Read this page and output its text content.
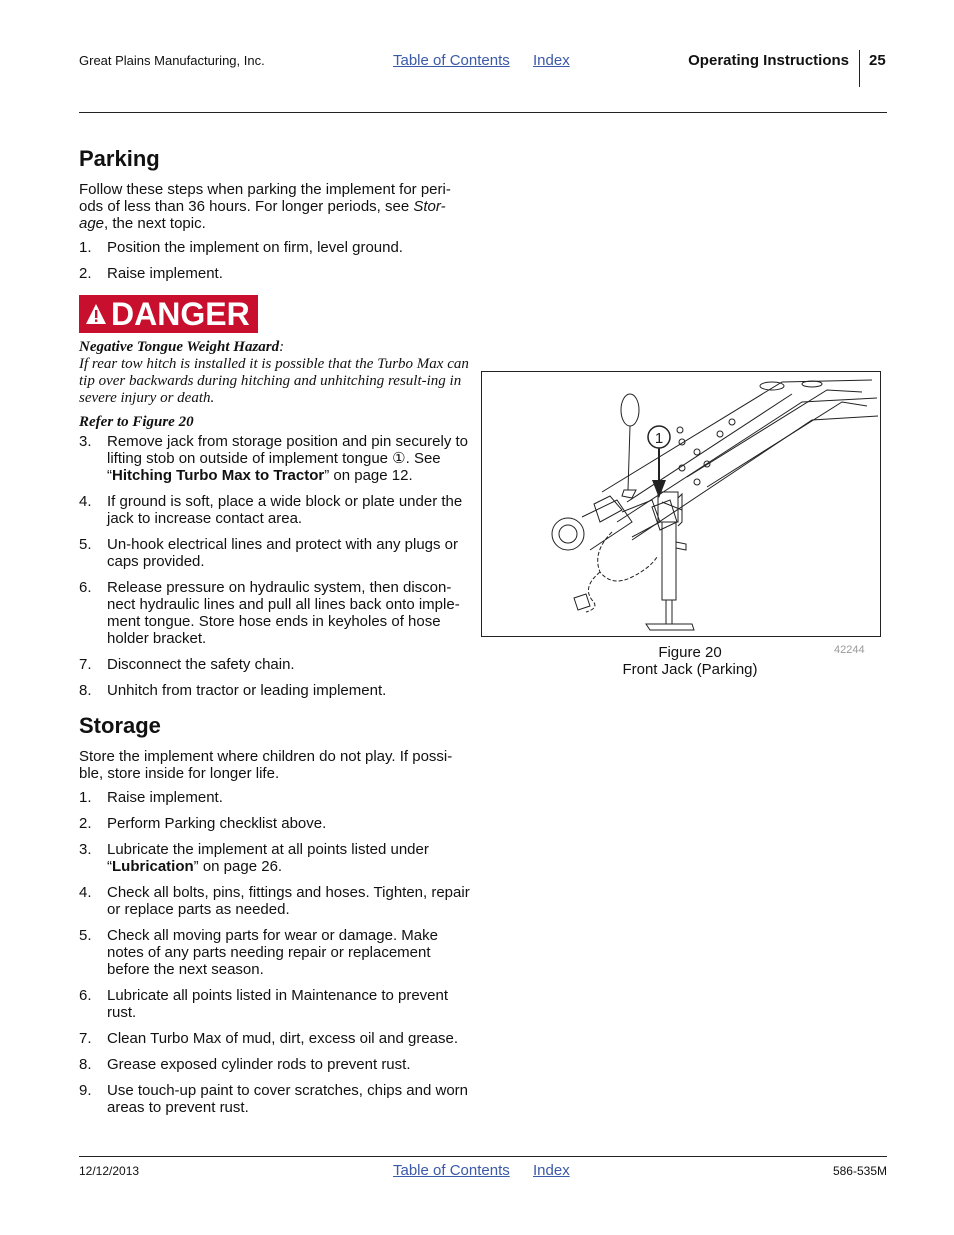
Great Plains Manufacturing, Inc.	Table of Contents Index	Operating Instructions 25
Parking

Follow these steps when parking the implement for peri-ods of less than 36 hours. For longer periods, see Stor-age, the next topic.

1. Position the implement on firm, level ground.
2. Raise implement.
DANGER
Negative Tongue Weight Hazard:
If rear tow hitch is installed it is possible that the Turbo Max can tip over backwards during hitching and unhitching result-ing in severe injury or death.
Refer to Figure 20
3. Remove jack from storage position and pin securely to lifting stob on outside of implement tongue ①. See “Hitching Turbo Max to Tractor” on page 12.
4. If ground is soft, place a wide block or plate under the jack to increase contact area.
5. Un-hook electrical lines and protect with any plugs or caps provided.
6. Release pressure on hydraulic system, then discon-nect hydraulic lines and pull all lines back onto imple-ment tongue. Store hose ends in keyholes of hose holder bracket.
7. Disconnect the safety chain.
8. Unhitch from tractor or leading implement.
Storage

Store the implement where children do not play. If possi-ble, store inside for longer life.

1. Raise implement.
2. Perform Parking checklist above.
3. Lubricate the implement at all points listed under “Lubrication” on page 26.
4. Check all bolts, pins, fittings and hoses. Tighten, repair or replace parts as needed.
5. Check all moving parts for wear or damage. Make notes of any parts needing repair or replacement before the next season.
6. Lubricate all points listed in Maintenance to prevent rust.
7. Clean Turbo Max of mud, dirt, excess oil and grease.
8. Grease exposed cylinder rods to prevent rust.
9. Use touch-up paint to cover scratches, chips and worn areas to prevent rust.
1
Figure 20
Front Jack (Parking)
42244
12/12/2013	Table of Contents Index	586-535M
